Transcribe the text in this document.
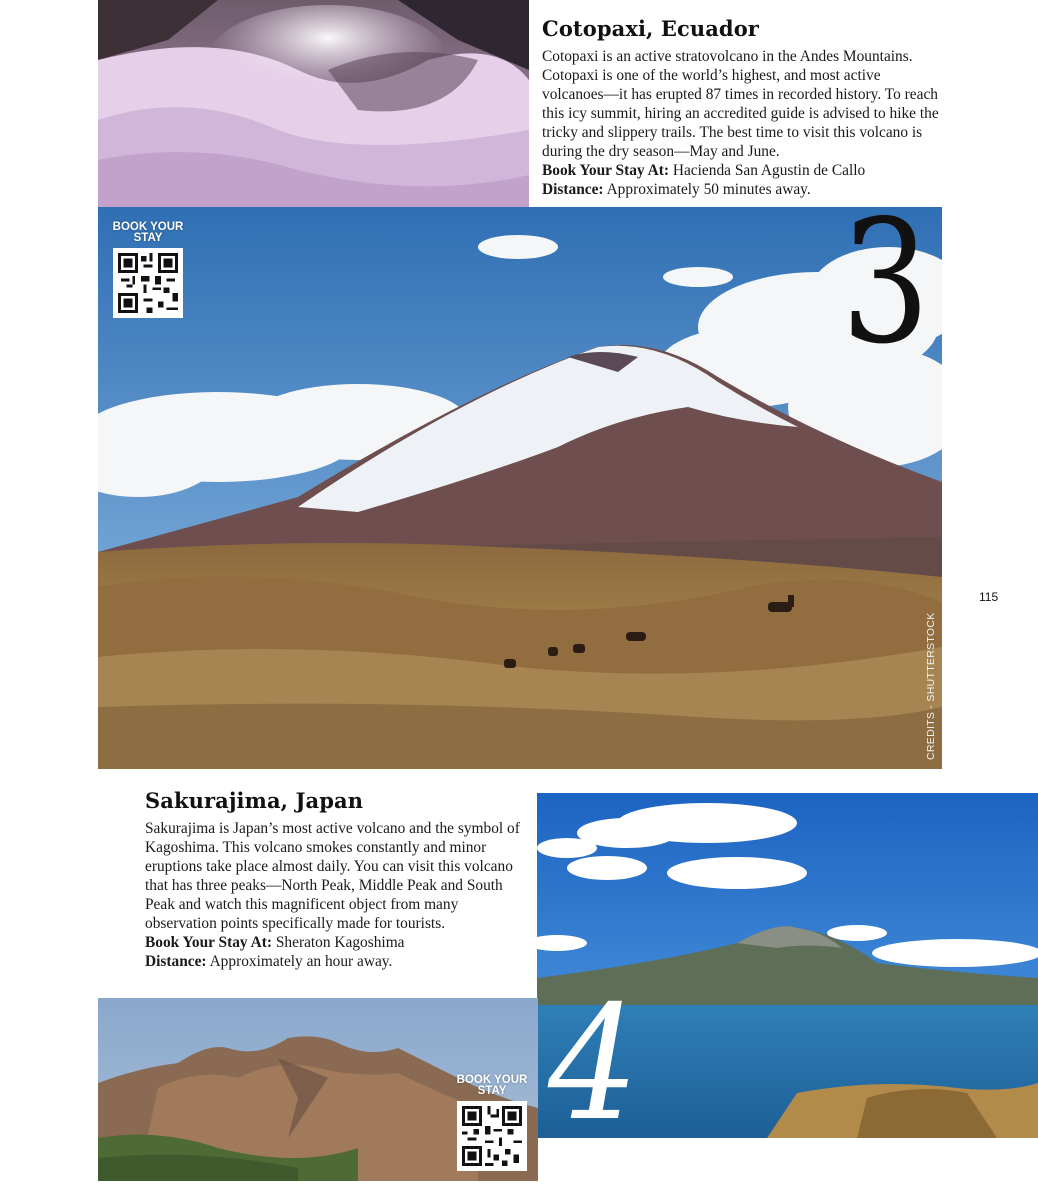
Cotopaxi, Ecuador

Cotopaxi is an active stratovolcano in the Andes Mountains. Cotopaxi is one of the world’s highest, and most active volcanoes—it has erupted 87 times in recorded history. To reach this icy summit, hiring an accredited guide is advised to hike the tricky and slippery trails. The best time to visit this volcano is during the dry season—May and June.

Book Your Stay At: Hacienda San Agustin de Callo
Distance: Approximately 50 minutes away.
CREDITS - SHUTTERSTOCK
3
BOOK YOUR STAY
115
Sakurajima, Japan

Sakurajima is Japan’s most active volcano and the symbol of Kagoshima. This volcano smokes constantly and minor eruptions take place almost daily. You can visit this volcano that has three peaks—North Peak, Middle Peak and South Peak and watch this magnificent object from many observation points specifically made for tourists.

Book Your Stay At: Sheraton Kagoshima
Distance: Approximately an hour away.
4
BOOK YOUR STAY
